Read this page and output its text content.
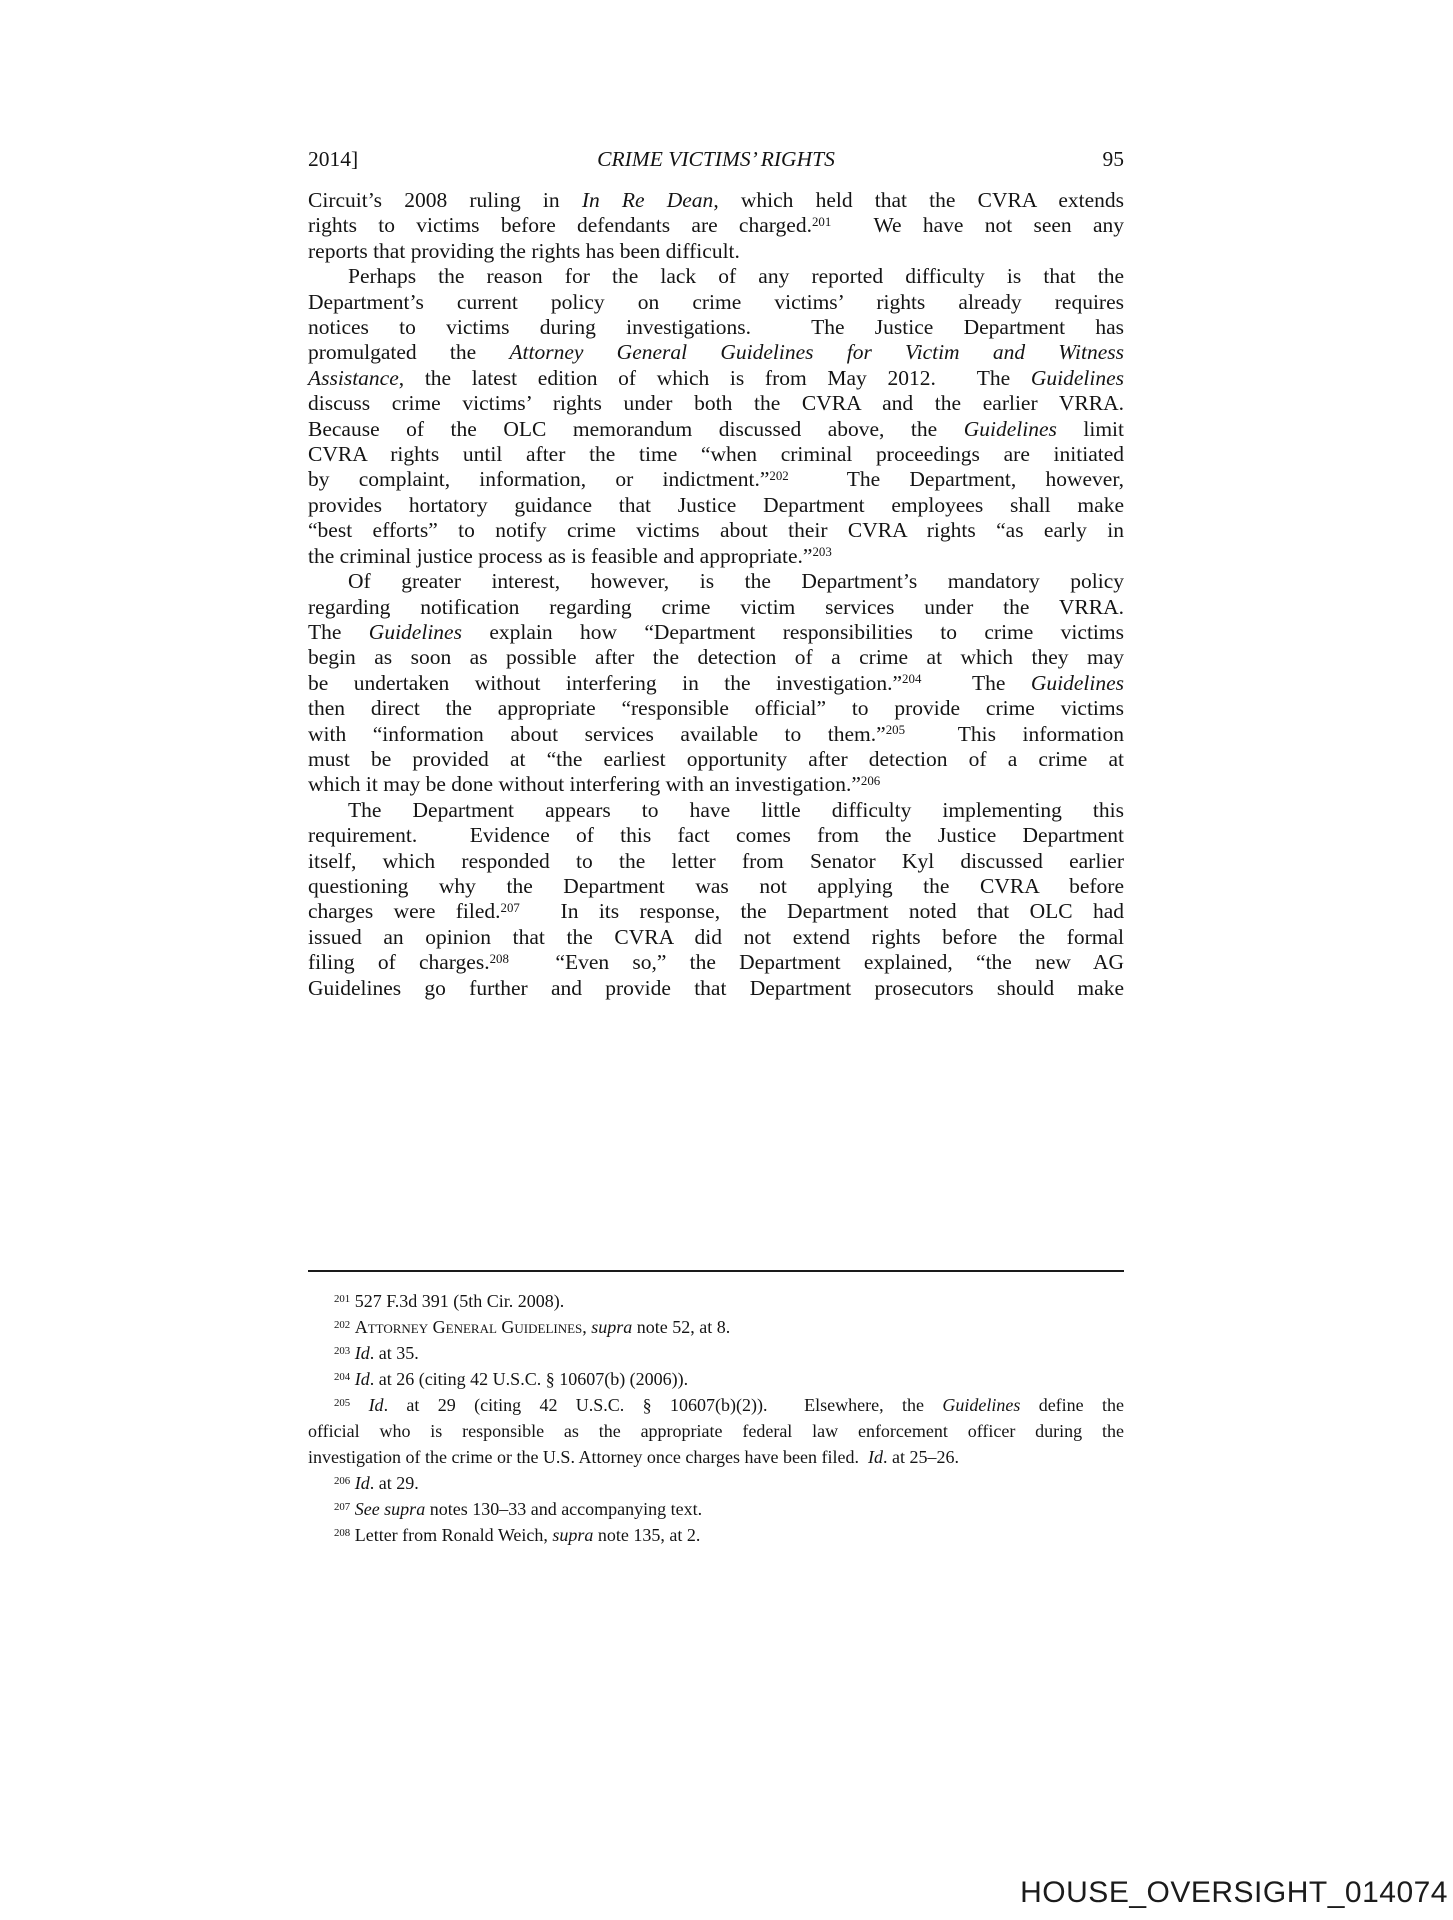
2014]	CRIME VICTIMS’ RIGHTS	95
Circuit’s 2008 ruling in In Re Dean, which held that the CVRA extends
rights to victims before defendants are charged.$^{201}$  We have not seen any
reports that providing the rights has been difficult.
Perhaps the reason for the lack of any reported difficulty is that the
Department’s current policy on crime victims’ rights already requires
notices to victims during investigations.  The Justice Department has
promulgated the Attorney General Guidelines for Victim and Witness
Assistance, the latest edition of which is from May 2012.  The Guidelines
discuss crime victims’ rights under both the CVRA and the earlier VRRA.
Because of the OLC memorandum discussed above, the Guidelines limit
CVRA rights until after the time “when criminal proceedings are initiated
by complaint, information, or indictment.”$^{202}$  The Department, however,
provides hortatory guidance that Justice Department employees shall make
“best efforts” to notify crime victims about their CVRA rights “as early in
the criminal justice process as is feasible and appropriate.”$^{203}$
Of greater interest, however, is the Department’s mandatory policy
regarding notification regarding crime victim services under the VRRA.
The Guidelines explain how “Department responsibilities to crime victims
begin as soon as possible after the detection of a crime at which they may
be undertaken without interfering in the investigation.”$^{204}$  The Guidelines
then direct the appropriate “responsible official” to provide crime victims
with “information about services available to them.”$^{205}$  This information
must be provided at “the earliest opportunity after detection of a crime at
which it may be done without interfering with an investigation.”$^{206}$
The Department appears to have little difficulty implementing this
requirement.  Evidence of this fact comes from the Justice Department
itself, which responded to the letter from Senator Kyl discussed earlier
questioning why the Department was not applying the CVRA before
charges were filed.$^{207}$  In its response, the Department noted that OLC had
issued an opinion that the CVRA did not extend rights before the formal
filing of charges.$^{208}$  “Even so,” the Department explained, “the new AG
Guidelines go further and provide that Department prosecutors should make
$^{201}$ 527 F.3d 391 (5th Cir. 2008).
$^{202}$ Attorney General Guidelines, supra note 52, at 8.
$^{203}$ Id. at 35.
$^{204}$ Id. at 26 (citing 42 U.S.C. § 10607(b) (2006)).
$^{205}$ Id. at 29 (citing 42 U.S.C. § 10607(b)(2)).  Elsewhere, the Guidelines define the
official who is responsible as the appropriate federal law enforcement officer during the
investigation of the crime or the U.S. Attorney once charges have been filed.  Id. at 25–26.
$^{206}$ Id. at 29.
$^{207}$ See supra notes 130–33 and accompanying text.
$^{208}$ Letter from Ronald Weich, supra note 135, at 2.
HOUSE_OVERSIGHT_014074
